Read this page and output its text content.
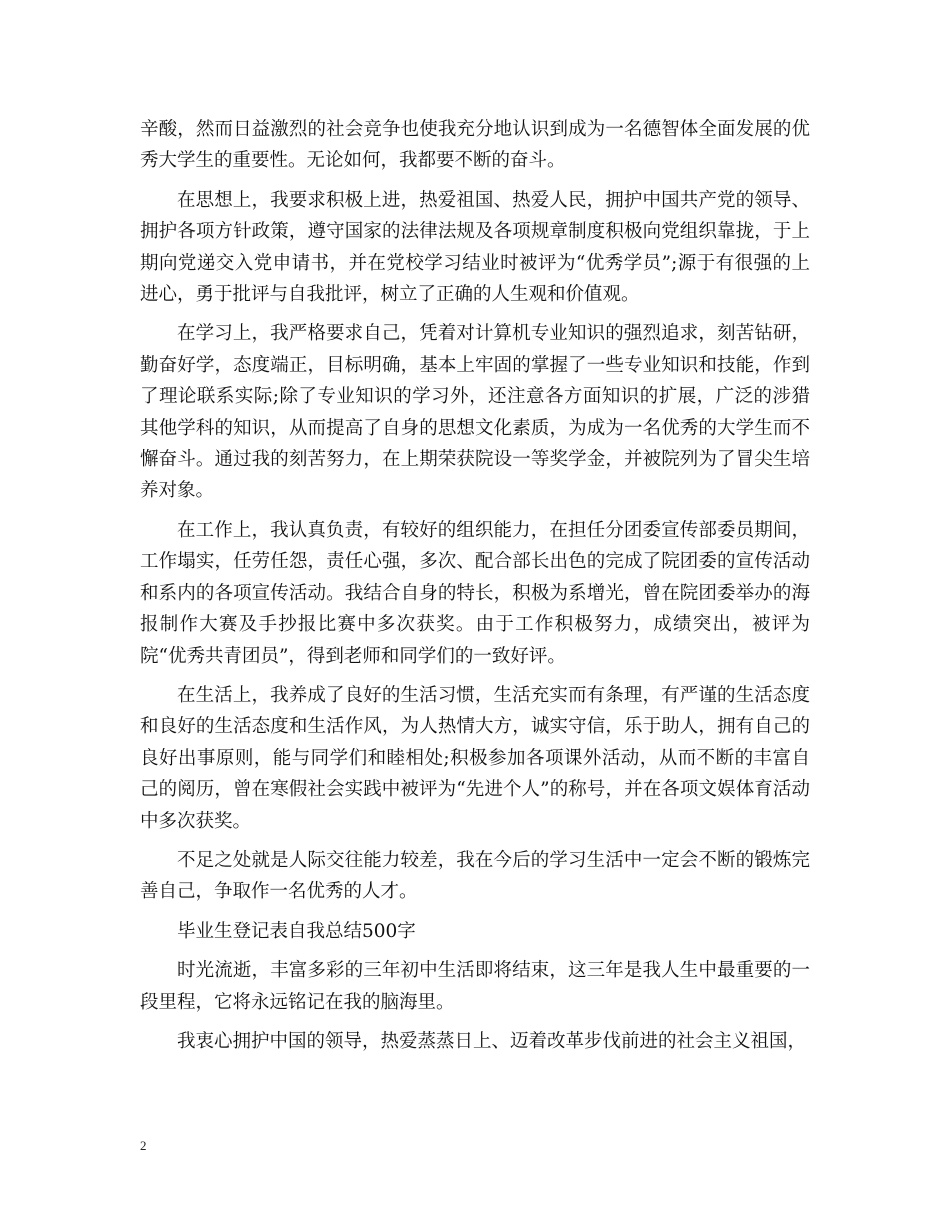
辛酸，然而日益激烈的社会竞争也使我充分地认识到成为一名德智体全面发展的优秀大学生的重要性。无论如何，我都要不断的奋斗。

在思想上，我要求积极上进，热爱祖国、热爱人民，拥护中国共产党的领导、拥护各项方针政策，遵守国家的法律法规及各项规章制度积极向党组织靠拢，于上期向党递交入党申请书，并在党校学习结业时被评为“优秀学员”;源于有很强的上进心，勇于批评与自我批评，树立了正确的人生观和价值观。

在学习上，我严格要求自己，凭着对计算机专业知识的强烈追求，刻苦钻研，勤奋好学，态度端正，目标明确，基本上牢固的掌握了一些专业知识和技能，作到了理论联系实际;除了专业知识的学习外，还注意各方面知识的扩展，广泛的涉猎其他学科的知识，从而提高了自身的思想文化素质，为成为一名优秀的大学生而不懈奋斗。通过我的刻苦努力，在上期荣获院设一等奖学金，并被院列为了冒尖生培养对象。

在工作上，我认真负责，有较好的组织能力，在担任分团委宣传部委员期间，工作塌实，任劳任怨，责任心强，多次、配合部长出色的完成了院团委的宣传活动和系内的各项宣传活动。我结合自身的特长，积极为系增光，曾在院团委举办的海报制作大赛及手抄报比赛中多次获奖。由于工作积极努力，成绩突出，被评为院“优秀共青团员”，得到老师和同学们的一致好评。

在生活上，我养成了良好的生活习惯，生活充实而有条理，有严谨的生活态度和良好的生活态度和生活作风，为人热情大方，诚实守信，乐于助人，拥有自己的良好出事原则，能与同学们和睦相处;积极参加各项课外活动，从而不断的丰富自己的阅历，曾在寒假社会实践中被评为“先进个人”的称号，并在各项文娱体育活动中多次获奖。

不足之处就是人际交往能力较差，我在今后的学习生活中一定会不断的锻炼完善自己，争取作一名优秀的人才。

毕业生登记表自我总结500字

时光流逝，丰富多彩的三年初中生活即将结束，这三年是我人生中最重要的一段里程，它将永远铭记在我的脑海里。

我衷心拥护中国的领导，热爱蒸蒸日上、迈着改革步伐前进的社会主义祖国，

2
